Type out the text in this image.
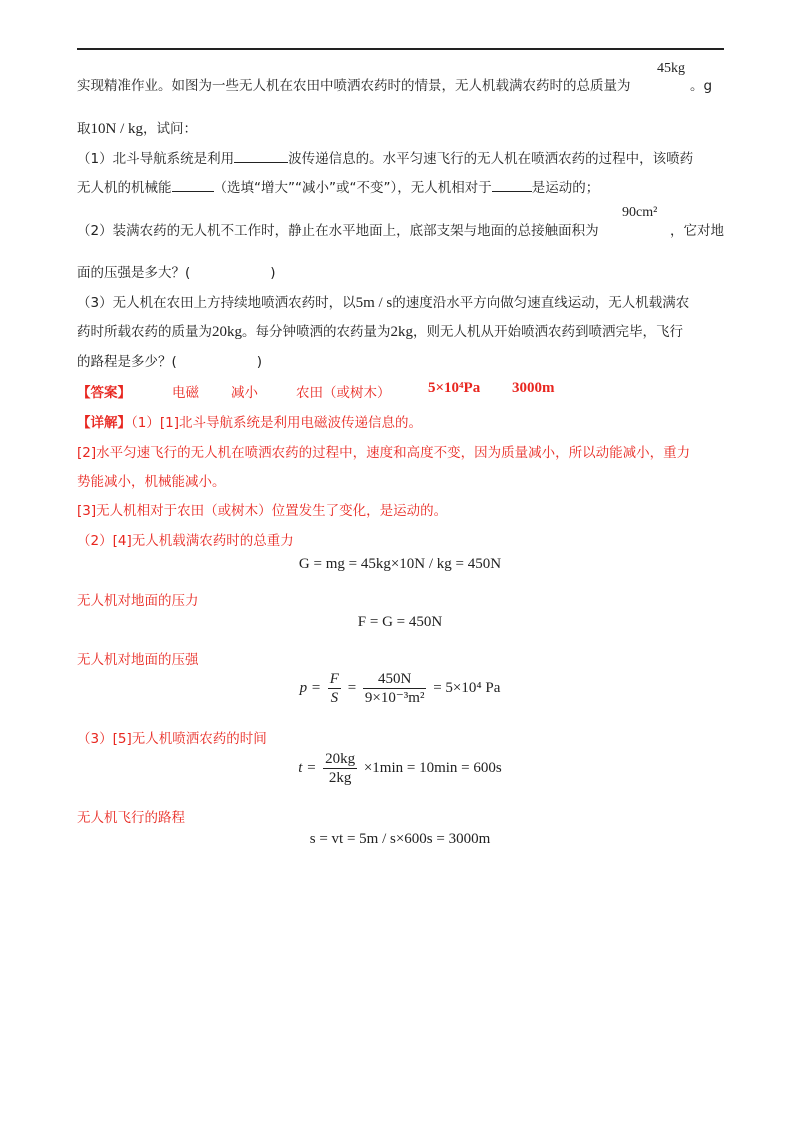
实现精准作业。如图为一些无人机在农田中喷洒农药时的情景，无人机载满农药时的总质量为
45kg
。g
取10N / kg，试问：
（1）北斗导航系统是利用	波传递信息的。水平匀速飞行的无人机在喷洒农药的过程中，该喷药
无人机的机械能	（选填“增大”“减小”或“不变”），无人机相对于	是运动的；
（2）装满农药的无人机不工作时，静止在水平地面上，底部支架与地面的总接触面积为
90cm²
，它对地
面的压强是多大？(	)
（3）无人机在农田上方持续地喷洒农药时，以5m / s的速度沿水平方向做匀速直线运动，无人机载满农
药时所载农药的质量为20kg。每分钟喷洒的农药量为2kg，则无人机从开始喷洒农药到喷洒完毕，飞行
的路程是多少？(	)
【答案】	电磁 减小	农田（或树木）	5×10⁴Pa 3000m
【详解】（1）[1]北斗导航系统是利用电磁波传递信息的。
[2]水平匀速飞行的无人机在喷洒农药的过程中，速度和高度不变，因为质量减小，所以动能减小，重力
势能减小，机械能减小。
[3]无人机相对于农田（或树木）位置发生了变化，是运动的。
（2）[4]无人机载满农药时的总重力
G = mg = 45kg×10N / kg = 450N
无人机对地面的压力
F = G = 450N
无人机对地面的压强
$p = \frac{F}{S} = \frac{450N}{\text{9×10⁻³m²}} = 5\times 10^4$ Pa
（3）[5]无人机喷洒农药的时间
$t = \frac{20kg}{2kg} \times 1\min = 10\min = 600s$
无人机飞行的路程
s = vt = 5m / s×600s = 3000m
